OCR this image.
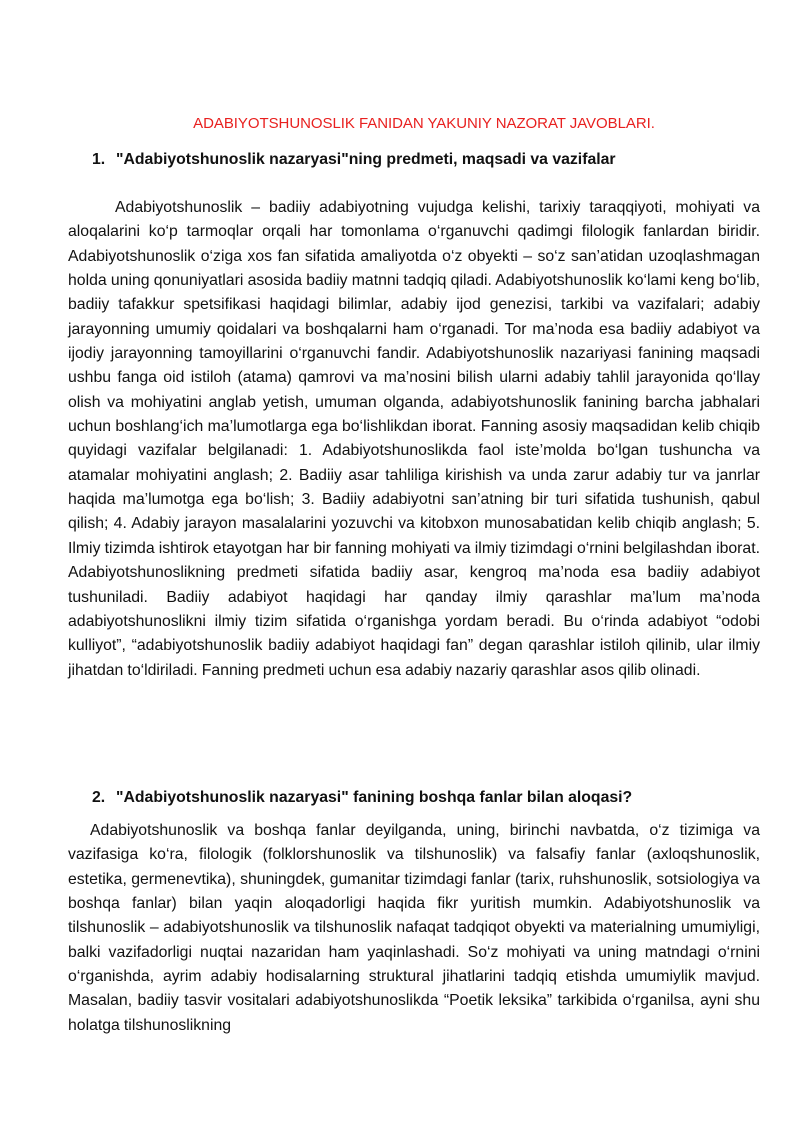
ADABIYOTSHUNOSLIK FANIDAN YAKUNIY NAZORAT JAVOBLARI.
1. "Adabiyotshunoslik nazaryasi"ning predmeti, maqsadi va vazifalar

Adabiyotshunoslik – badiiy adabiyotning vujudga kelishi, tarixiy taraqqiyoti, mohiyati va aloqalarini ko‘p tarmoqlar orqali har tomonlama o‘rganuvchi qadimgi filologik fanlardan biridir. Adabiyotshunoslik o‘ziga xos fan sifatida amaliyotda o‘z obyekti – so‘z san’atidan uzoqlashmagan holda uning qonuniyatlari asosida badiiy matnni tadqiq qiladi. Adabiyotshunoslik ko‘lami keng bo‘lib, badiiy tafakkur spetsifikasi haqidagi bilimlar, adabiy ijod genezisi, tarkibi va vazifalari; adabiy jarayonning umumiy qoidalari va boshqalarni ham o‘rganadi. Tor ma’noda esa badiiy adabiyot va ijodiy jarayonning tamoyillarini o‘rganuvchi fandir. Adabiyotshunoslik nazariyasi fanining maqsadi ushbu fanga oid istiloh (atama) qamrovi va ma’nosini bilish ularni adabiy tahlil jarayonida qo‘llay olish va mohiyatini anglab yetish, umuman olganda, adabiyotshunoslik fanining barcha jabhalari uchun boshlang‘ich ma’lumotlarga ega bo‘lishlikdan iborat. Fanning asosiy maqsadidan kelib chiqib quyidagi vazifalar belgilanadi: 1. Adabiyotshunoslikda faol iste’molda bo‘lgan tushuncha va atamalar mohiyatini anglash; 2. Badiiy asar tahliliga kirishish va unda zarur adabiy tur va janrlar haqida ma’lumotga ega bo‘lish; 3. Badiiy adabiyotni san’atning bir turi sifatida tushunish, qabul qilish; 4. Adabiy jarayon masalalarini yozuvchi va kitobxon munosabatidan kelib chiqib anglash; 5. Ilmiy tizimda ishtirok etayotgan har bir fanning mohiyati va ilmiy tizimdagi o‘rnini belgilashdan iborat. Adabiyotshunoslikning predmeti sifatida badiiy asar, kengroq ma’noda esa badiiy adabiyot tushuniladi. Badiiy adabiyot haqidagi har qanday ilmiy qarashlar ma’lum ma’noda adabiyotshunoslikni ilmiy tizim sifatida o‘rganishga yordam beradi. Bu o‘rinda adabiyot “odobi kulliyot”, “adabiyotshunoslik badiiy adabiyot haqidagi fan” degan qarashlar istiloh qilinib, ular ilmiy jihatdan to‘ldiriladi. Fanning predmeti uchun esa adabiy nazariy qarashlar asos qilib olinadi.

2. "Adabiyotshunoslik nazaryasi" fanining boshqa fanlar bilan aloqasi?

Adabiyotshunoslik va boshqa fanlar deyilganda, uning, birinchi navbatda, o‘z tizimiga va vazifasiga ko‘ra, filologik (folklorshunoslik va tilshunoslik) va falsafiy fanlar (axloqshunoslik, estetika, germenevtika), shuningdek, gumanitar tizimdagi fanlar (tarix, ruhshunoslik, sotsiologiya va boshqa fanlar) bilan yaqin aloqadorligi haqida fikr yuritish mumkin. Adabiyotshunoslik va tilshunoslik – adabiyotshunoslik va tilshunoslik nafaqat tadqiqot obyekti va materialning umumiyligi, balki vazifadorligi nuqtai nazaridan ham yaqinlashadi. So‘z mohiyati va uning matndagi o‘rnini o‘rganishda, ayrim adabiy hodisalarning struktural jihatlarini tadqiq etishda umumiylik mavjud. Masalan, badiiy tasvir vositalari adabiyotshunoslikda “Poetik leksika” tarkibida o‘rganilsa, ayni shu holatga tilshunoslikning
